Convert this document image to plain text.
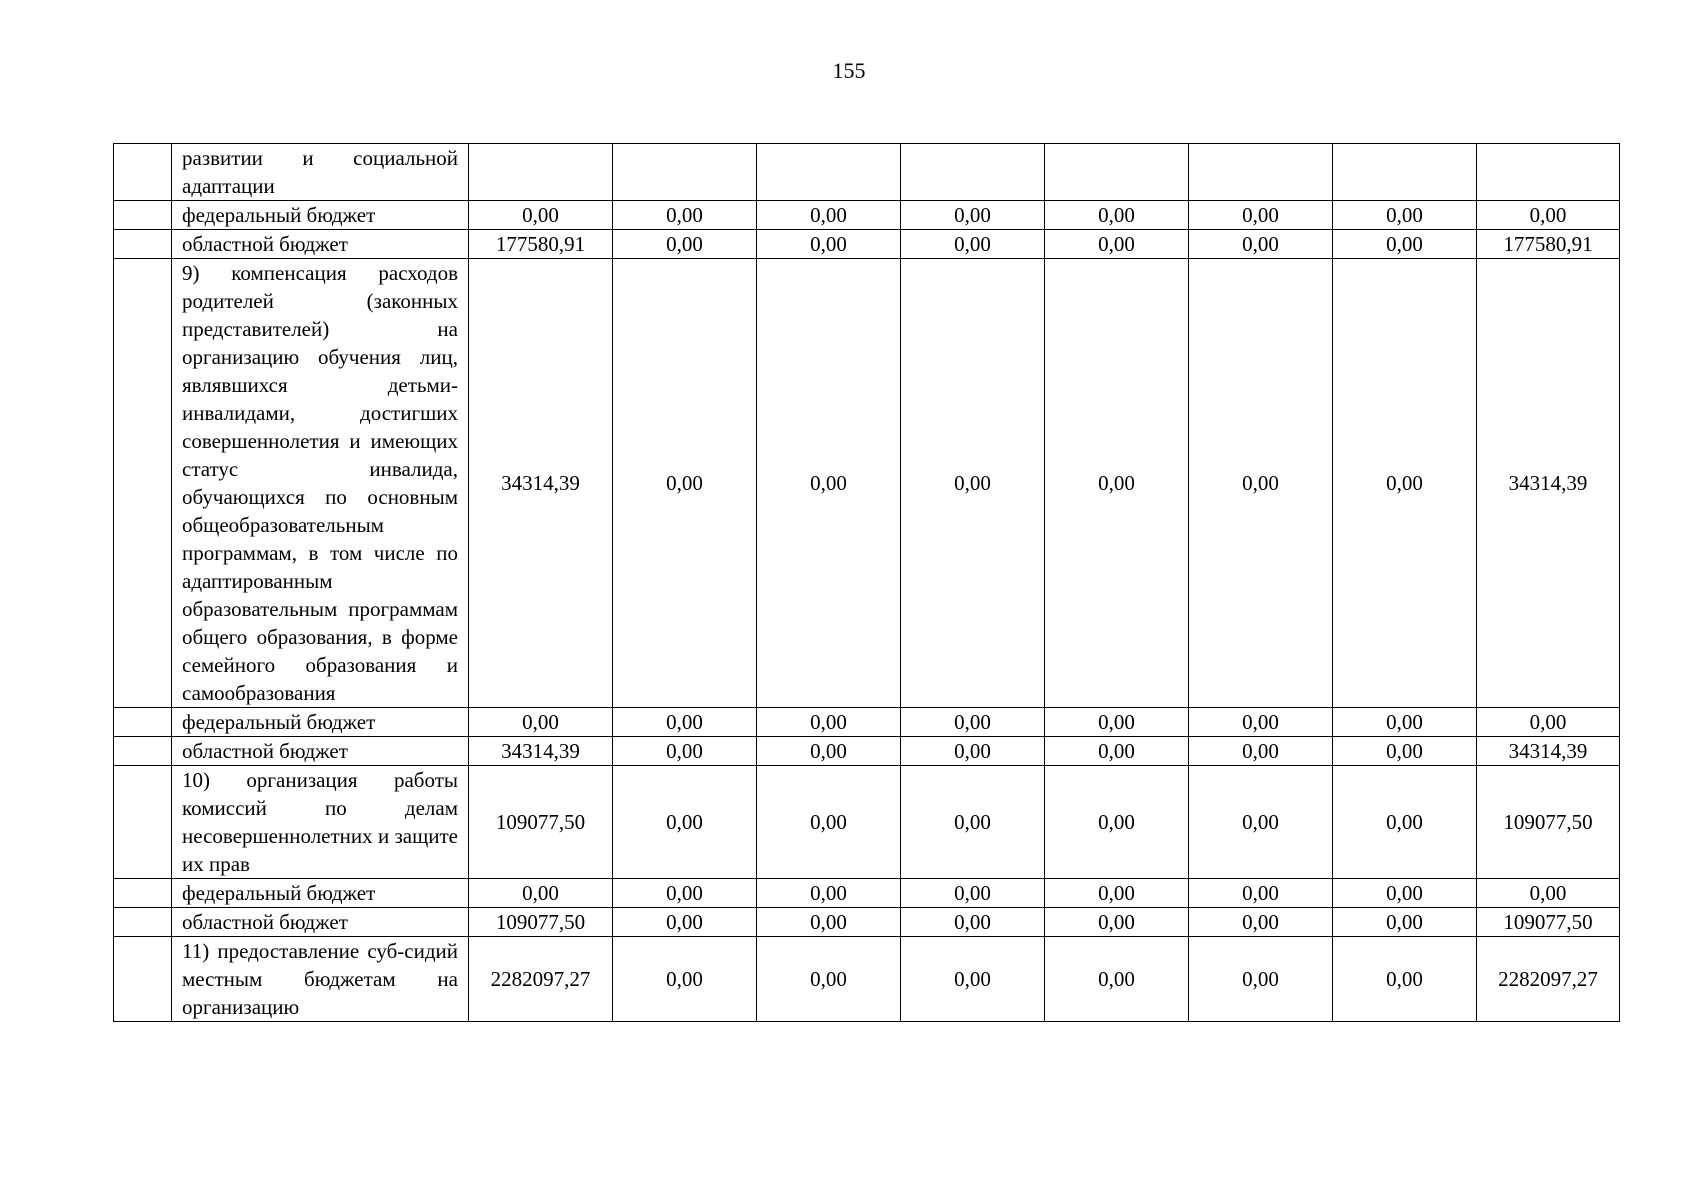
155
	развитии и социальной адаптации								
	федеральный бюджет	0,00	0,00	0,00	0,00	0,00	0,00	0,00	0,00
	областной бюджет	177580,91	0,00	0,00	0,00	0,00	0,00	0,00	177580,91
	9) компенсация расходов родителей (законных представителей) на организацию обучения лиц, являвшихся детьми-инвалидами, достигших совершеннолетия и имеющих статус инвалида, обучающихся по основным общеобразовательным программам, в том числе по адаптированным образовательным программам общего образования, в форме семейного образования и самообразования	34314,39	0,00	0,00	0,00	0,00	0,00	0,00	34314,39
	федеральный бюджет	0,00	0,00	0,00	0,00	0,00	0,00	0,00	0,00
	областной бюджет	34314,39	0,00	0,00	0,00	0,00	0,00	0,00	34314,39
	10) организация работы комиссий по делам несовершеннолетних и защите их прав	109077,50	0,00	0,00	0,00	0,00	0,00	0,00	109077,50
	федеральный бюджет	0,00	0,00	0,00	0,00	0,00	0,00	0,00	0,00
	областной бюджет	109077,50	0,00	0,00	0,00	0,00	0,00	0,00	109077,50
	11) предоставление суб-сидий местным бюджетам на организацию	2282097,27	0,00	0,00	0,00	0,00	0,00	0,00	2282097,27
